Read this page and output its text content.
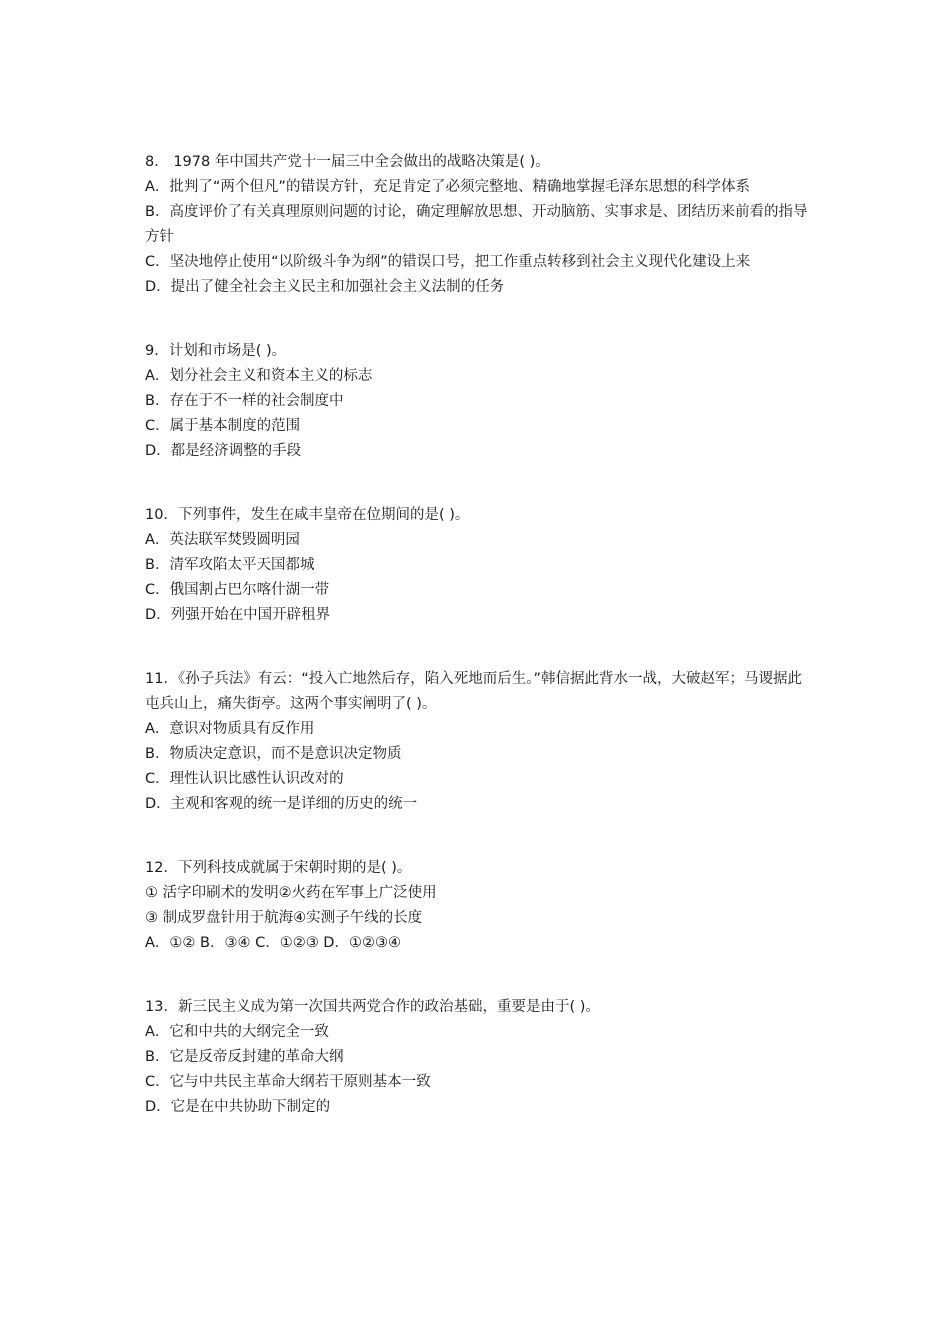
8． 1978 年中国共产党十一届三中全会做出的战略决策是( )。
A．批判了“两个但凡”的错误方针，充足肯定了必须完整地、精确地掌握毛泽东思想的科学体系
B．高度评价了有关真理原则问题的讨论，确定理解放思想、开动脑筋、实事求是、团结历来前看的指导方针
C．坚决地停止使用“以阶级斗争为纲”的错误口号，把工作重点转移到社会主义现代化建设上来
D．提出了健全社会主义民主和加强社会主义法制的任务
9．计划和市场是( )。
A．划分社会主义和资本主义的标志
B．存在于不一样的社会制度中
C．属于基本制度的范围
D．都是经济调整的手段
10．下列事件，发生在咸丰皇帝在位期间的是( )。
A．英法联军焚毁圆明园
B．清军攻陷太平天国都城
C．俄国割占巴尔喀什湖一带
D．列强开始在中国开辟租界
11．《孙子兵法》有云：“投入亡地然后存，陷入死地而后生。”韩信据此背水一战，大破赵军；马谡据此屯兵山上，痛失街亭。这两个事实阐明了( )。
A．意识对物质具有反作用
B．物质决定意识，而不是意识决定物质
C．理性认识比感性认识改对的
D．主观和客观的统一是详细的历史的统一
12．下列科技成就属于宋朝时期的是( )。
① 活字印刷术的发明②火药在军事上广泛使用
③ 制成罗盘针用于航海④实测子午线的长度
A．①② B．③④ C．①②③ D．①②③④
13．新三民主义成为第一次国共两党合作的政治基础，重要是由于( )。
A．它和中共的大纲完全一致
B．它是反帝反封建的革命大纲
C．它与中共民主革命大纲若干原则基本一致
D．它是在中共协助下制定的
